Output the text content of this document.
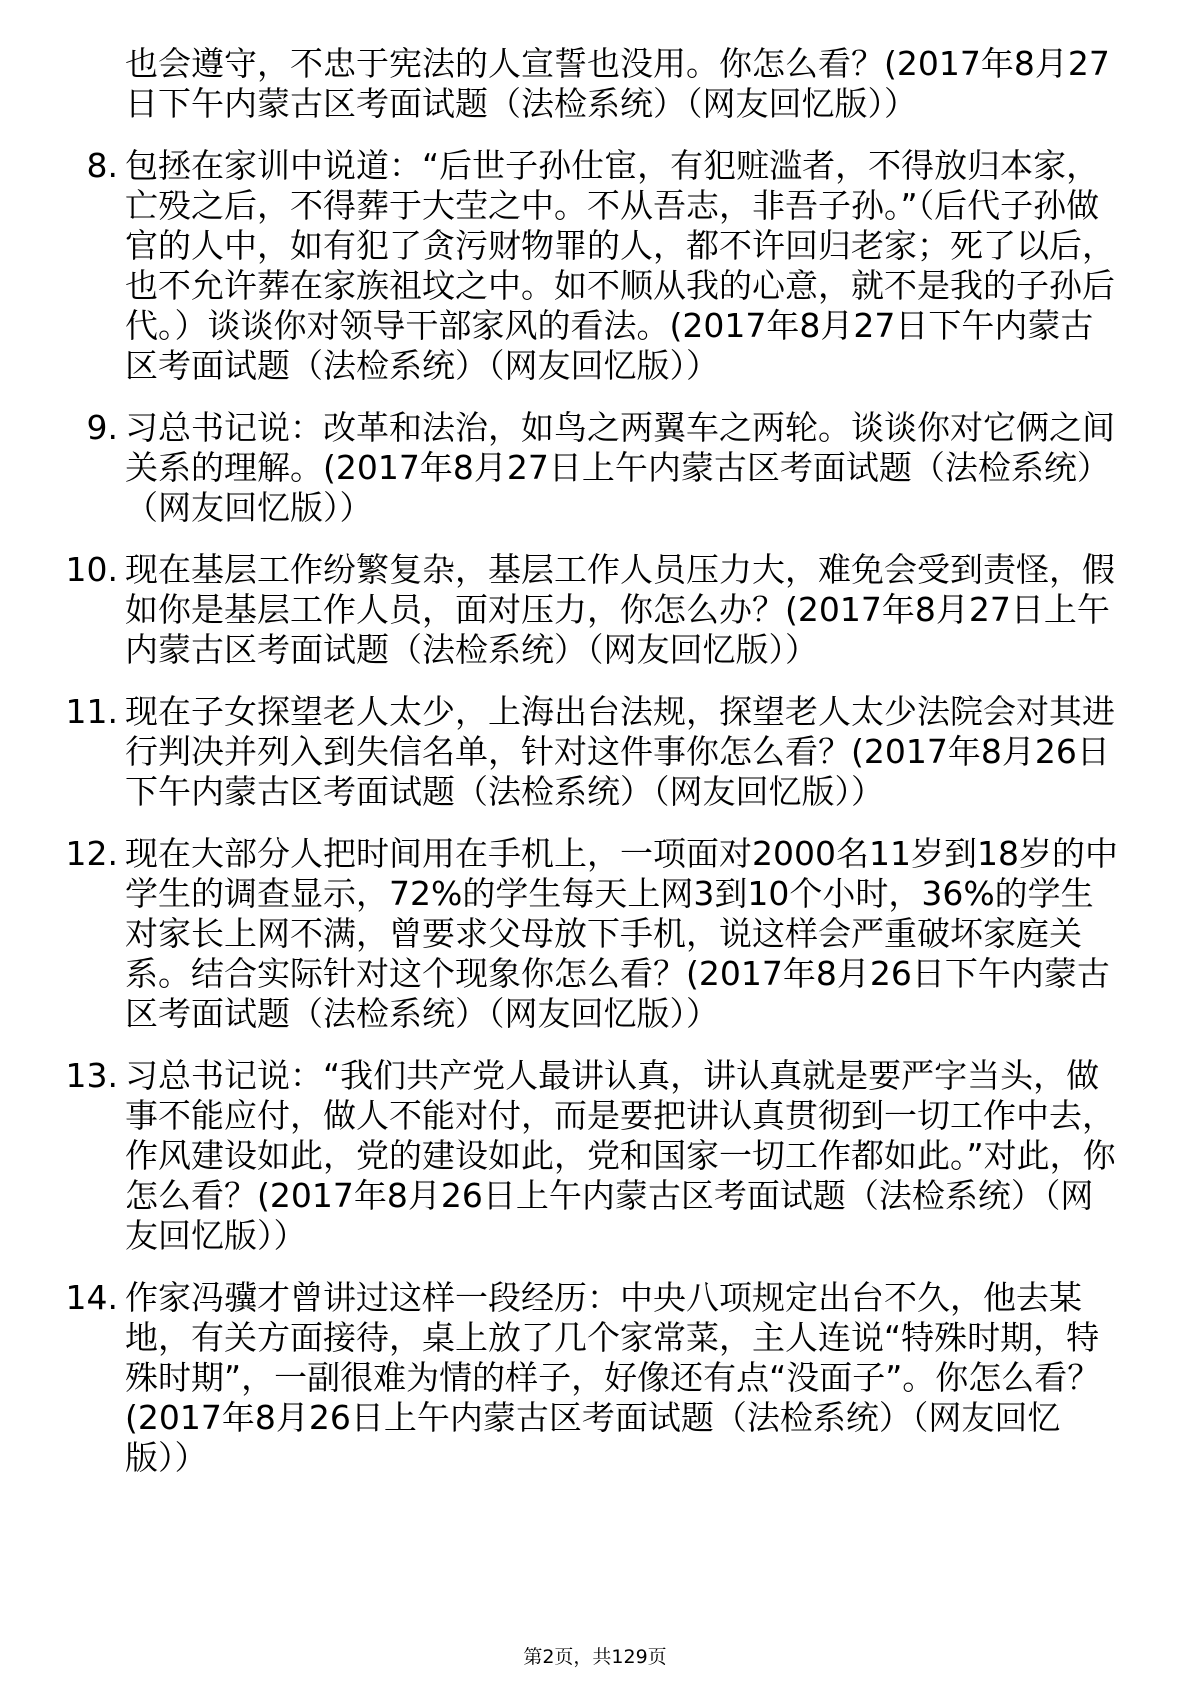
也会遵守，不忠于宪法的人宣誓也没用。你怎么看？(2017年8月27日下午内蒙古区考面试题（法检系统）（网友回忆版））
8. 包拯在家训中说道：“后世子孙仕宦，有犯赃滥者，不得放归本家，亡殁之后，不得葬于大茔之中。不从吾志，非吾子孙。”（后代子孙做官的人中，如有犯了贪污财物罪的人，都不许回归老家；死了以后，也不允许葬在家族祖坟之中。如不顺从我的心意，就不是我的子孙后代。）谈谈你对领导干部家风的看法。(2017年8月27日下午内蒙古区考面试题（法检系统）（网友回忆版））
9. 习总书记说：改革和法治，如鸟之两翼车之两轮。谈谈你对它俩之间关系的理解。(2017年8月27日上午内蒙古区考面试题（法检系统）（网友回忆版））
10. 现在基层工作纷繁复杂，基层工作人员压力大，难免会受到责怪，假如你是基层工作人员，面对压力，你怎么办？(2017年8月27日上午内蒙古区考面试题（法检系统）（网友回忆版））
11. 现在子女探望老人太少，上海出台法规，探望老人太少法院会对其进行判决并列入到失信名单，针对这件事你怎么看？(2017年8月26日下午内蒙古区考面试题（法检系统）（网友回忆版））
12. 现在大部分人把时间用在手机上，一项面对2000名11岁到18岁的中学生的调查显示，72%的学生每天上网3到10个小时，36%的学生对家长上网不满，曾要求父母放下手机，说这样会严重破坏家庭关系。结合实际针对这个现象你怎么看？(2017年8月26日下午内蒙古区考面试题（法检系统）（网友回忆版））
13. 习总书记说：“我们共产党人最讲认真，讲认真就是要严字当头，做事不能应付，做人不能对付，而是要把讲认真贯彻到一切工作中去，作风建设如此，党的建设如此，党和国家一切工作都如此。”对此，你怎么看？(2017年8月26日上午内蒙古区考面试题（法检系统）（网友回忆版））
14. 作家冯骥才曾讲过这样一段经历：中央八项规定出台不久，他去某地，有关方面接待，桌上放了几个家常菜，主人连说“特殊时期，特殊时期”，一副很难为情的样子，好像还有点“没面子”。你怎么看？(2017年8月26日上午内蒙古区考面试题（法检系统）（网友回忆版））
第2页，共129页
